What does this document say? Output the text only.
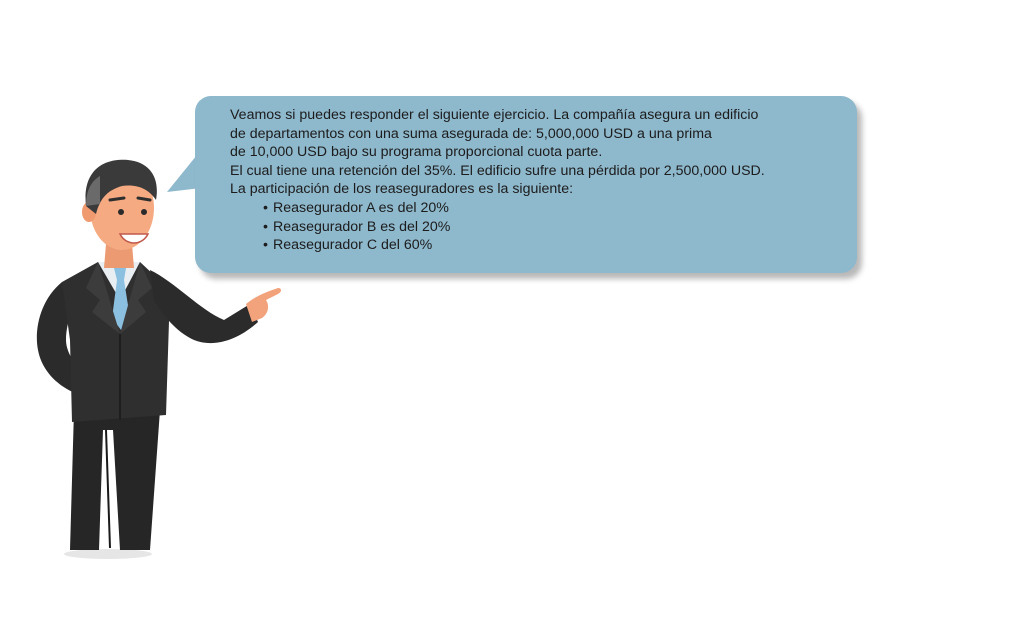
Veamos si puedes responder el siguiente ejercicio. La compañía asegura un edificio

de departamentos con una suma asegurada de: 5,000,000 USD a una prima

de 10,000 USD bajo su programa proporcional cuota parte.

El cual tiene una retención del 35%. El edificio sufre una pérdida por 2,500,000 USD.

La participación de los reaseguradores es la siguiente:

• Reasegurador A es del 20%
• Reasegurador B es del 20%
• Reasegurador C del 60%
